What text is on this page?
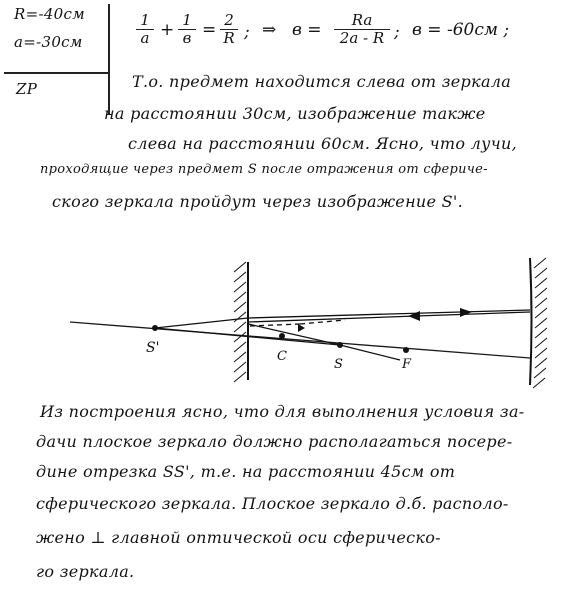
R=-40см
a=-30см
ZP
$\frac{1}{a} + 1$
$в = \frac{2}{R}$ ; ⇒ $в = \frac{Ra}{2a - R}$ ; в = -60см ;
Т.о. предмет находится слева от зеркала
на расстоянии 30см, изображение также
слева на расстоянии 60см. Ясно, что лучи,
проходящие через предмет S после отражения от сфериче-
ского зеркала пройдут через изображение S'.
S'
C
S	F
Из построения ясно, что для выполнения условия за-
дачи плоское зеркало должно располагаться посере-
дине отрезка SS', т.е. на расстоянии 45см от
сферического зеркала. Плоское зеркало д.б. располо-
жено ⊥ главной оптической оси сферическо-
го зеркала.
